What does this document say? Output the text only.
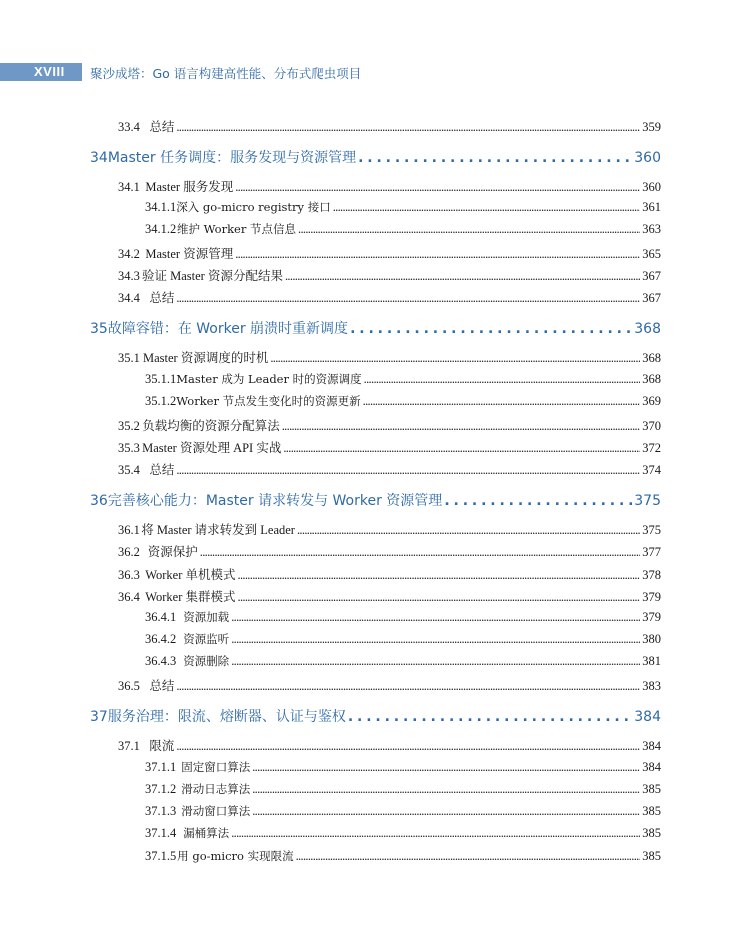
XVIII 聚沙成塔：Go 语言构建高性能、分布式爬虫项目
33.4 总结 . . .	359
34 Master 任务调度：服务发现与资源管理 . . .	360
34.1 Master 服务发现 . . .	360
34.1.1 深入 go-micro registry 接口 . . .	361
34.1.2 维护 Worker 节点信息 . . .	363
34.2 Master 资源管理 . . .	365
34.3 验证 Master 资源分配结果 . . .	367
34.4 总结 . . .	367
35 故障容错：在 Worker 崩溃时重新调度 . . .	368
35.1 Master 资源调度的时机 . . .	368
35.1.1 Master 成为 Leader 时的资源调度 . . .	368
35.1.2 Worker 节点发生变化时的资源更新 . . .	369
35.2 负载均衡的资源分配算法 . . .	370
35.3 Master 资源处理 API 实战 . . .	372
35.4 总结 . . .	374
36 完善核心能力：Master 请求转发与 Worker 资源管理 . . .	375
36.1 将 Master 请求转发到 Leader . . .	375
36.2 资源保护 . . .	377
36.3 Worker 单机模式 . . .	378
36.4 Worker 集群模式 . . .	379
36.4.1 资源加载 . . .	379
36.4.2 资源监听 . . .	380
36.4.3 资源删除 . . .	381
36.5 总结 . . .	383
37 服务治理：限流、熔断器、认证与鉴权 . . .	384
37.1 限流 . . .	384
37.1.1 固定窗口算法 . . .	384
37.1.2 滑动日志算法 . . .	385
37.1.3 滑动窗口算法 . . .	385
37.1.4 漏桶算法 . . .	385
37.1.5 用 go-micro 实现限流 . . .	385
